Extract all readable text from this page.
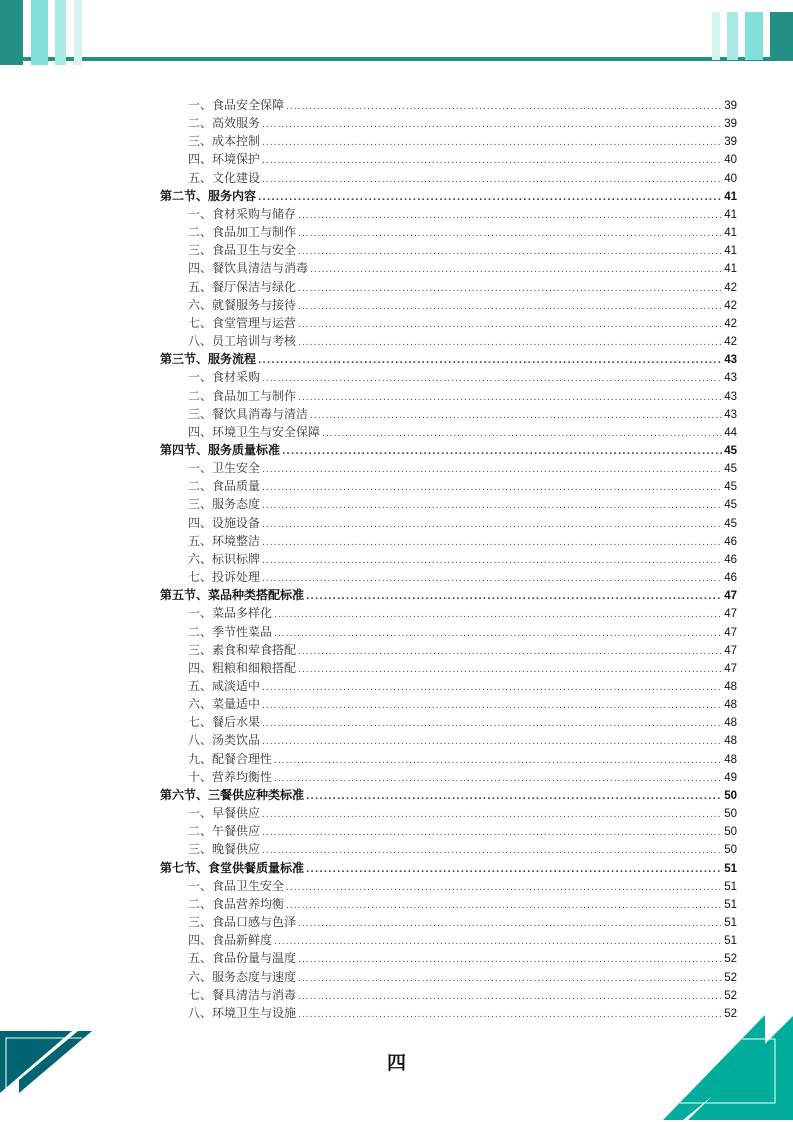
一、食品安全保障 .....	39
二、高效服务 .....	39
三、成本控制 .....	39
四、环境保护 .....	40
五、文化建设 .....	40
第二节、服务内容 .....	41
一、食材采购与储存 .....	41
二、食品加工与制作 .....	41
三、食品卫生与安全 .....	41
四、餐饮具清洁与消毒 .....	41
五、餐厅保洁与绿化 .....	42
六、就餐服务与接待 .....	42
七、食堂管理与运营 .....	42
八、员工培训与考核 .....	42
第三节、服务流程 .....	43
一、食材采购 .....	43
二、食品加工与制作 .....	43
三、餐饮具消毒与清洁 .....	43
四、环境卫生与安全保障 .....	44
第四节、服务质量标准 .....	45
一、卫生安全 .....	45
二、食品质量 .....	45
三、服务态度 .....	45
四、设施设备 .....	45
五、环境整洁 .....	46
六、标识标牌 .....	46
七、投诉处理 .....	46
第五节、菜品种类搭配标准 .....	47
一、菜品多样化 .....	47
二、季节性菜品 .....	47
三、素食和荤食搭配 .....	47
四、粗粮和细粮搭配 .....	47
五、咸淡适中 .....	48
六、菜量适中 .....	48
七、餐后水果 .....	48
八、汤类饮品 .....	48
九、配餐合理性 .....	48
十、营养均衡性 .....	49
第六节、三餐供应种类标准 .....	50
一、早餐供应 .....	50
二、午餐供应 .....	50
三、晚餐供应 .....	50
第七节、食堂供餐质量标准 .....	51
一、食品卫生安全 .....	51
二、食品营养均衡 .....	51
三、食品口感与色泽 .....	51
四、食品新鲜度 .....	51
五、食品份量与温度 .....	52
六、服务态度与速度 .....	52
七、餐具清洁与消毒 .....	52
八、环境卫生与设施 .....	52
四
